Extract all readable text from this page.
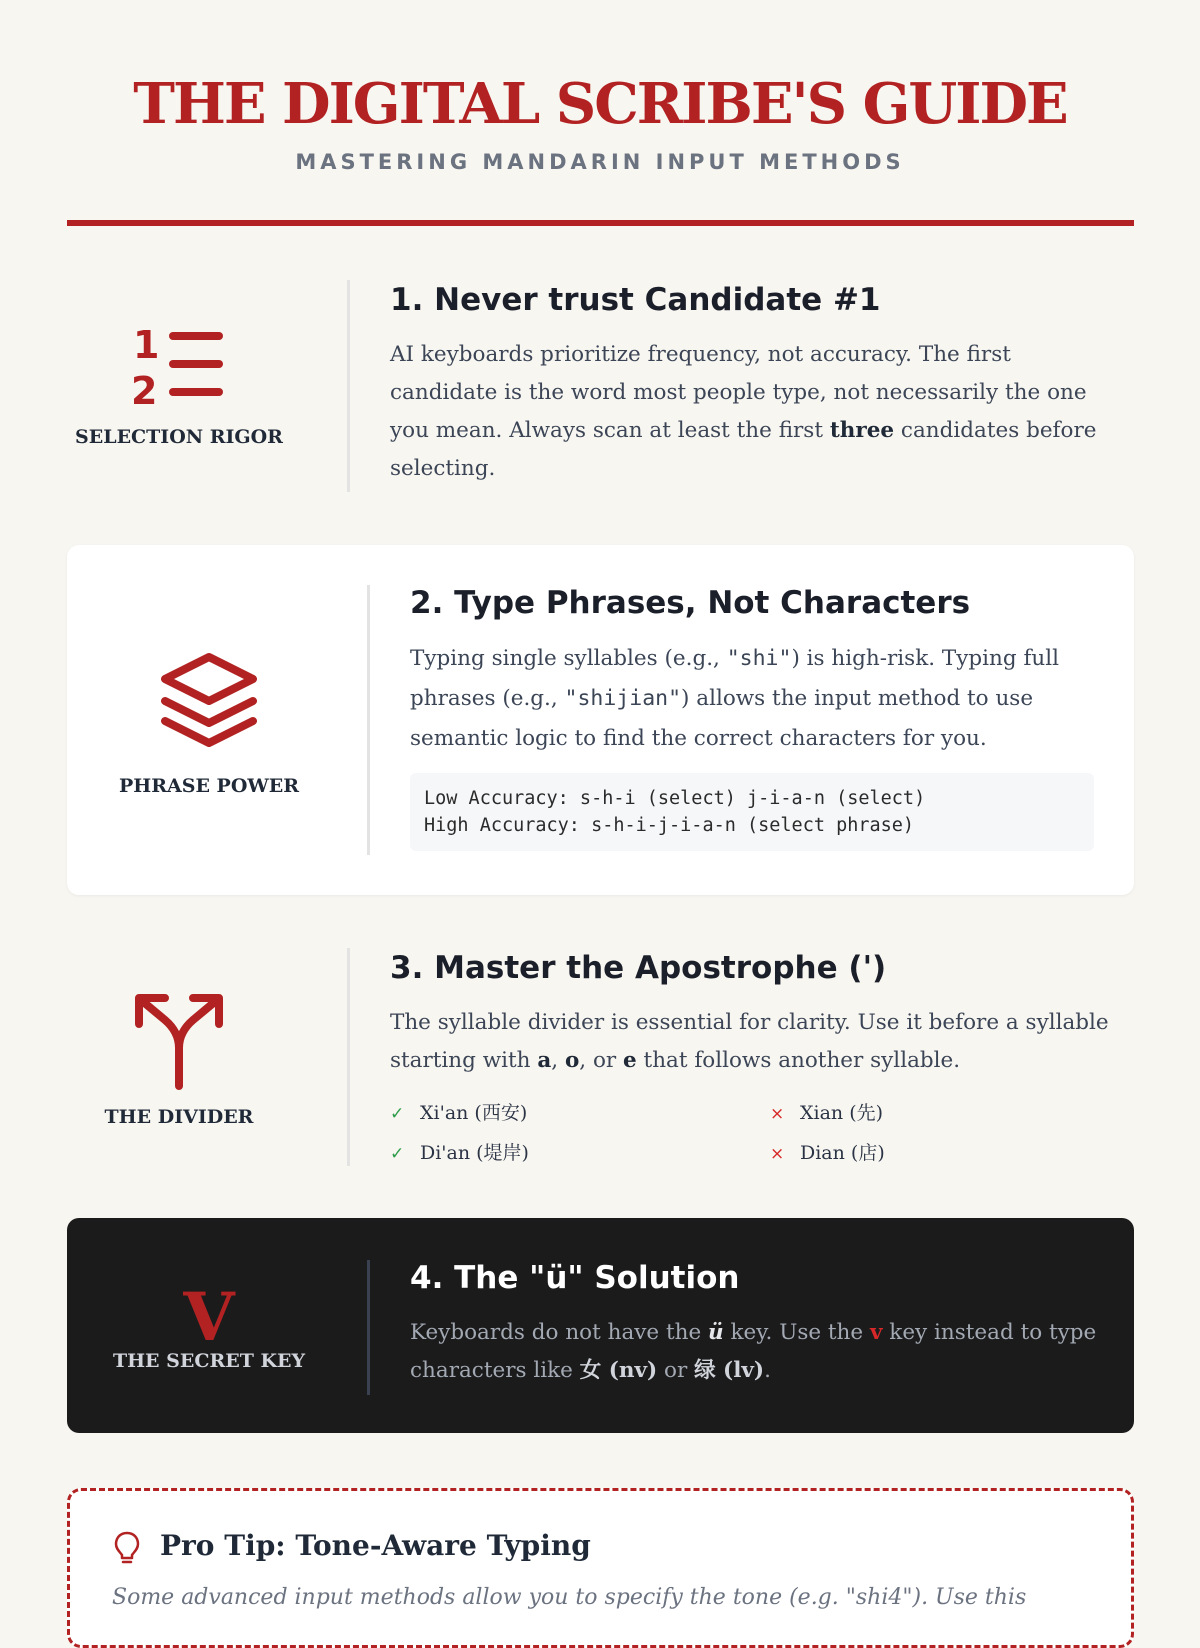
THE DIGITAL SCRIBE'S GUIDE
MASTERING MANDARIN INPUT METHODS
1
2
SELECTION RIGOR
1. Never trust Candidate #1

AI keyboards prioritize frequency, not accuracy. The first candidate is the word most people type, not necessarily the one you mean. Always scan at least the first three candidates before selecting.

PHRASE POWER
2. Type Phrases, Not Characters

Typing single syllables (e.g., "shi") is high-risk. Typing full phrases (e.g., "shijian") allows the input method to use semantic logic to find the correct characters for you.

Low Accuracy: s-h-i (select) j-i-a-n (select)
High Accuracy: s-h-i-j-i-a-n (select phrase)
THE DIVIDER
3. Master the Apostrophe (')

The syllable divider is essential for clarity. Use it before a syllable starting with a, o, or e that follows another syllable.

✓ Xi'an (西安)	× Xian (先)
✓ Di'an (堤岸)	× Dian (店)
V
THE SECRET KEY
4. The "ü" Solution

Keyboards do not have the ü key. Use the v key instead to type characters like 女 (nv) or 绿 (lv).

Pro Tip: Tone-Aware Typing
Some advanced input methods allow you to specify the tone (e.g. "shi4"). Use this
